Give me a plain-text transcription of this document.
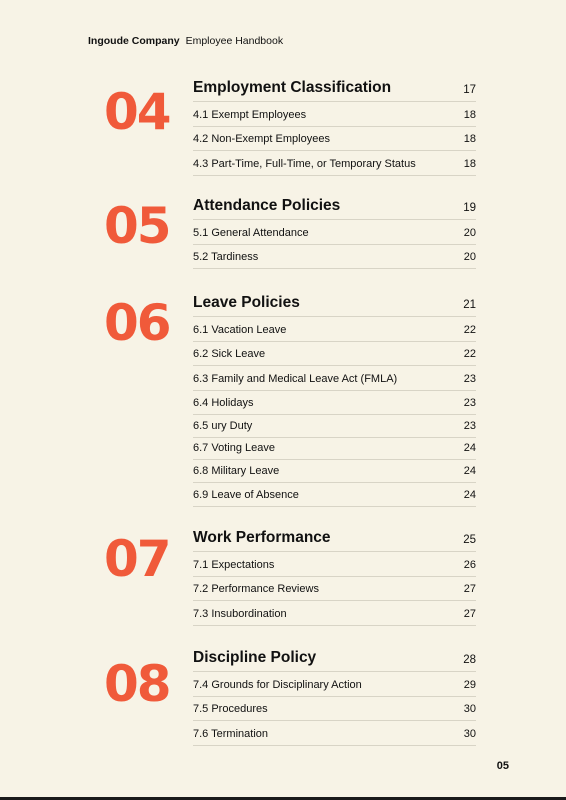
Ingoude Company Employee Handbook
04 Employment Classification	17
4.1 Exempt Employees	18
4.2 Non-Exempt Employees	18
4.3 Part-Time, Full-Time, or Temporary Status	18
05 Attendance Policies	19
5.1 General Attendance	20
5.2 Tardiness	20
06 Leave Policies	21
6.1 Vacation Leave	22
6.2 Sick Leave	22
6.3 Family and Medical Leave Act (FMLA)	23
6.4 Holidays	23
6.5 ury Duty	23
6.7 Voting Leave	24
6.8 Military Leave	24
6.9 Leave of Absence	24
07 Work Performance	25
7.1 Expectations	26
7.2 Performance Reviews	27
7.3 Insubordination	27
08 Discipline Policy	28
7.4 Grounds for Disciplinary Action	29
7.5 Procedures	30
7.6 Termination	30
05
